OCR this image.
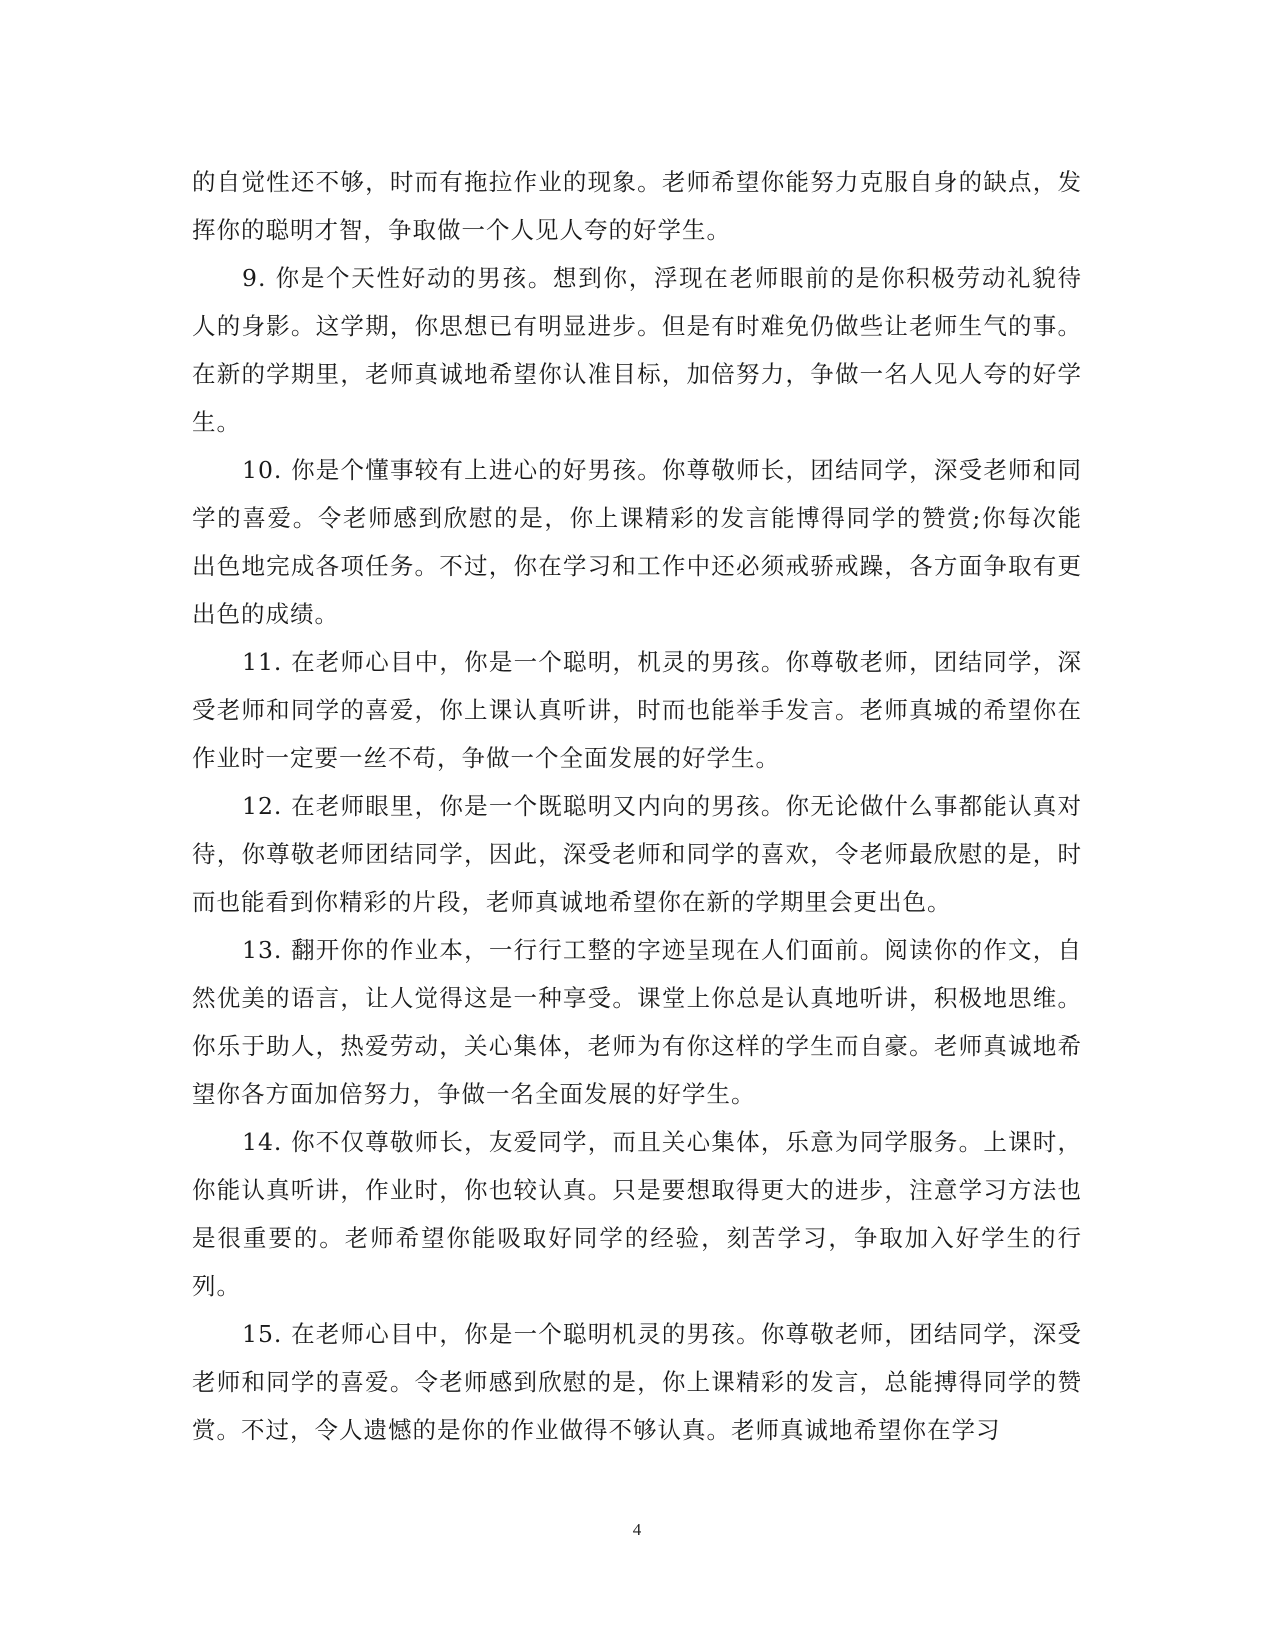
的自觉性还不够，时而有拖拉作业的现象。老师希望你能努力克服自身的缺点，发挥你的聪明才智，争取做一个人见人夸的好学生。

9. 你是个天性好动的男孩。想到你，浮现在老师眼前的是你积极劳动礼貌待人的身影。这学期，你思想已有明显进步。但是有时难免仍做些让老师生气的事。在新的学期里，老师真诚地希望你认准目标，加倍努力，争做一名人见人夸的好学生。

10. 你是个懂事较有上进心的好男孩。你尊敬师长，团结同学，深受老师和同学的喜爱。令老师感到欣慰的是，你上课精彩的发言能博得同学的赞赏;你每次能出色地完成各项任务。不过，你在学习和工作中还必须戒骄戒躁，各方面争取有更出色的成绩。

11. 在老师心目中，你是一个聪明，机灵的男孩。你尊敬老师，团结同学，深受老师和同学的喜爱，你上课认真听讲，时而也能举手发言。老师真城的希望你在作业时一定要一丝不苟，争做一个全面发展的好学生。

12. 在老师眼里，你是一个既聪明又内向的男孩。你无论做什么事都能认真对待，你尊敬老师团结同学，因此，深受老师和同学的喜欢，令老师最欣慰的是，时而也能看到你精彩的片段，老师真诚地希望你在新的学期里会更出色。

13. 翻开你的作业本，一行行工整的字迹呈现在人们面前。阅读你的作文，自然优美的语言，让人觉得这是一种享受。课堂上你总是认真地听讲，积极地思维。你乐于助人，热爱劳动，关心集体，老师为有你这样的学生而自豪。老师真诚地希望你各方面加倍努力，争做一名全面发展的好学生。

14. 你不仅尊敬师长，友爱同学，而且关心集体，乐意为同学服务。上课时，你能认真听讲，作业时，你也较认真。只是要想取得更大的进步，注意学习方法也是很重要的。老师希望你能吸取好同学的经验，刻苦学习，争取加入好学生的行列。

15. 在老师心目中，你是一个聪明机灵的男孩。你尊敬老师，团结同学，深受老师和同学的喜爱。令老师感到欣慰的是，你上课精彩的发言，总能搏得同学的赞赏。不过，令人遗憾的是你的作业做得不够认真。老师真诚地希望你在学习

4
